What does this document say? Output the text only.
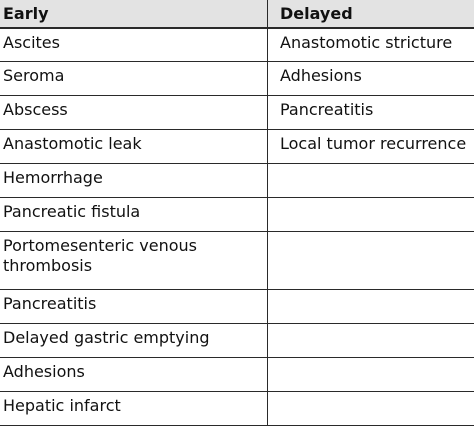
Early	Delayed
Ascites	Anastomotic stricture
Seroma	Adhesions
Abscess	Pancreatitis
Anastomotic leak	Local tumor recurrence
Hemorrhage	
Pancreatic fistula	

Portomesenteric venous
thrombosis	

Pancreatitis	
Delayed gastric emptying	
Adhesions	
Hepatic infarct	
